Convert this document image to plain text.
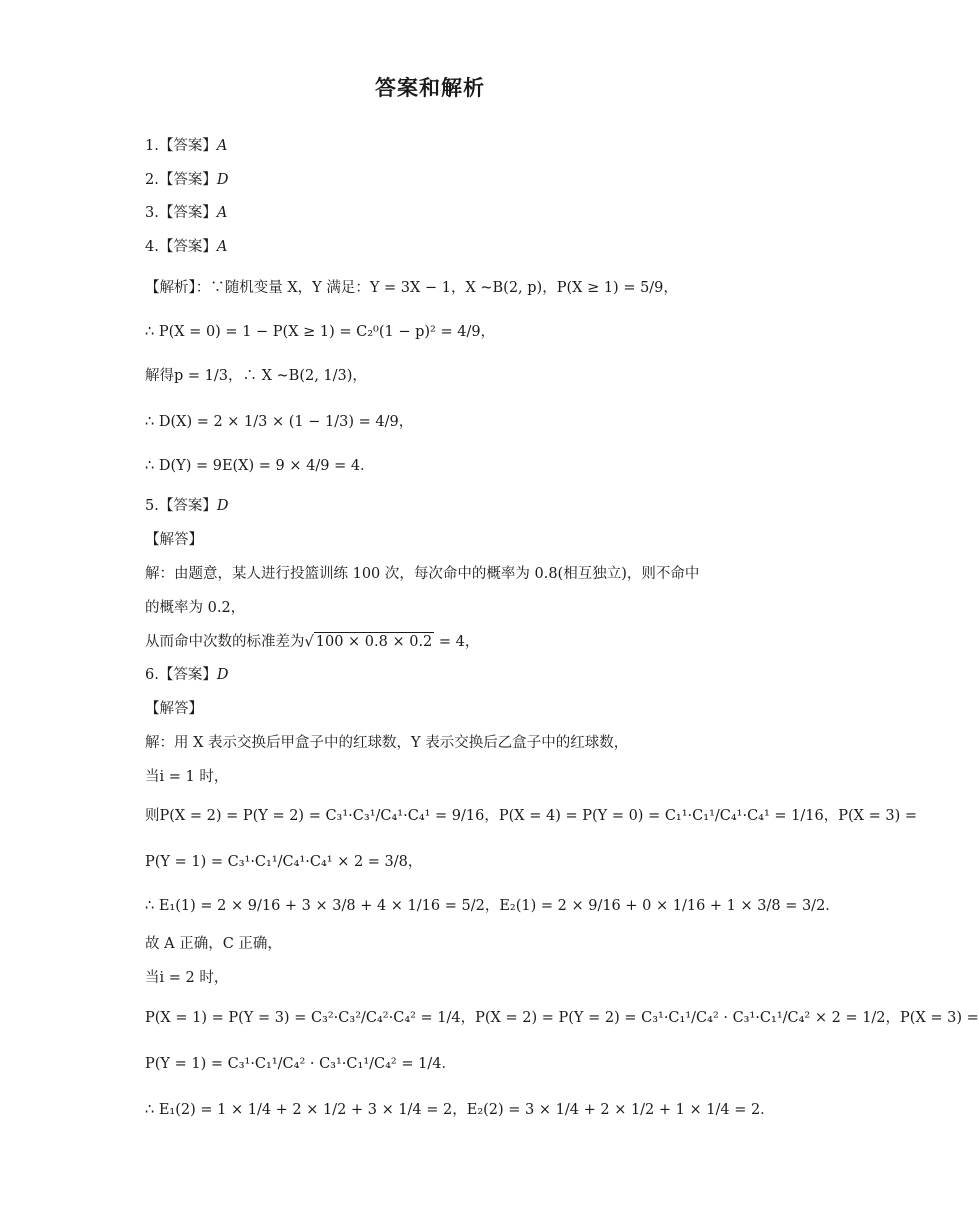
答案和解析
1.【答案】A
2.【答案】D
3.【答案】A
4.【答案】A
【解析】：∵随机变量 X，Y 满足：Y = 3X − 1，X ~B(2, p)，P(X ≥ 1) = 5/9，
∴ P(X = 0) = 1 − P(X ≥ 1) = C₂⁰(1 − p)² = 4/9，
解得p = 1/3，∴ X ~B(2, 1/3)，
∴ D(X) = 2 × 1/3 × (1 − 1/3) = 4/9，
∴ D(Y) = 9E(X) = 9 × 4/9 = 4．
5.【答案】D
【解答】
解：由题意，某人进行投篮训练 100 次，每次命中的概率为 0.8(相互独立)，则不命中
的概率为 0.2，
从而命中次数的标准差为√ 100 × 0.8 × 0.2 = 4，
6.【答案】D
【解答】
解：用 X 表示交换后甲盒子中的红球数，Y 表示交换后乙盒子中的红球数，
当i = 1 时，
则P(X = 2) = P(Y = 2) = C₃¹·C₃¹/C₄¹·C₄¹ = 9/16，P(X = 4) = P(Y = 0) = C₁¹·C₁¹/C₄¹·C₄¹ = 1/16，P(X = 3) =
P(Y = 1) = C₃¹·C₁¹/C₄¹·C₄¹ × 2 = 3/8，
∴ E₁(1) = 2 × 9/16 + 3 × 3/8 + 4 × 1/16 = 5/2，E₂(1) = 2 × 9/16 + 0 × 1/16 + 1 × 3/8 = 3/2．
故 A 正确，C 正确，
当i = 2 时，
P(X = 1) = P(Y = 3) = C₃²·C₃²/C₄²·C₄² = 1/4，P(X = 2) = P(Y = 2) = C₃¹·C₁¹/C₄² · C₃¹·C₁¹/C₄² × 2 = 1/2，P(X = 3) =
P(Y = 1) = C₃¹·C₁¹/C₄² · C₃¹·C₁¹/C₄² = 1/4．
∴ E₁(2) = 1 × 1/4 + 2 × 1/2 + 3 × 1/4 = 2，E₂(2) = 3 × 1/4 + 2 × 1/2 + 1 × 1/4 = 2．
